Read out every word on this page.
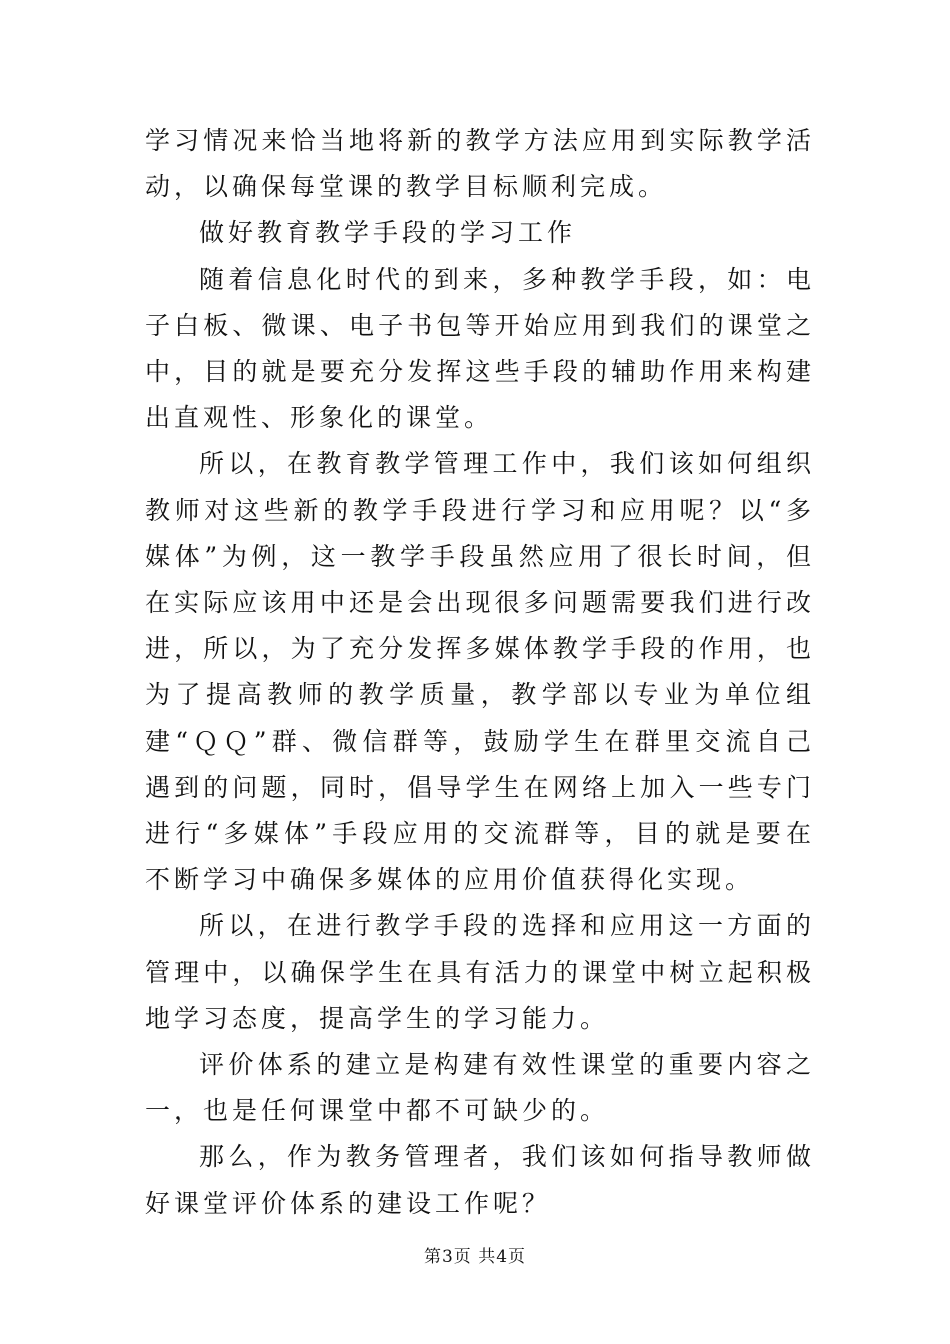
学习情况来恰当地将新的教学方法应用到实际教学活动，以确保每堂课的教学目标顺利完成。

做好教育教学手段的学习工作

随着信息化时代的到来，多种教学手段，如：电子白板、微课、电子书包等开始应用到我们的课堂之中，目的就是要充分发挥这些手段的辅助作用来构建出直观性、形象化的课堂。

所以，在教育教学管理工作中，我们该如何组织教师对这些新的教学手段进行学习和应用呢？以“多媒体”为例，这一教学手段虽然应用了很长时间，但在实际应该用中还是会出现很多问题需要我们进行改进，所以，为了充分发挥多媒体教学手段的作用，也为了提高教师的教学质量，教学部以专业为单位组建“ＱＱ”群、微信群等，鼓励学生在群里交流自己遇到的问题，同时，倡导学生在网络上加入一些专门进行“多媒体”手段应用的交流群等，目的就是要在不断学习中确保多媒体的应用价值获得化实现。

所以，在进行教学手段的选择和应用这一方面的管理中，以确保学生在具有活力的课堂中树立起积极地学习态度，提高学生的学习能力。

评价体系的建立是构建有效性课堂的重要内容之一，也是任何课堂中都不可缺少的。

那么，作为教务管理者，我们该如何指导教师做好课堂评价体系的建设工作呢？

第3页 共4页
